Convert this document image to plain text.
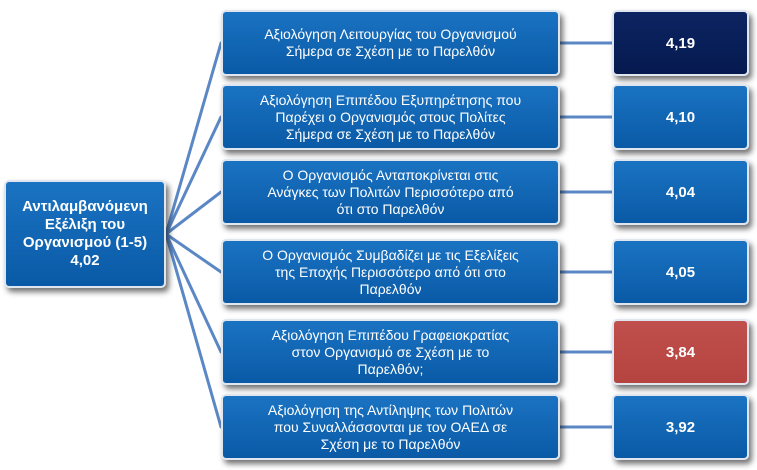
Αντιλαμβανόμενη
Εξέλιξη του
Οργανισμού (1-5)
4,02
Αξιολόγηση Λειτουργίας του Οργανισμού
Σήμερα σε Σχέση με το Παρελθόν	4,19
Αξιολόγηση Επιπέδου Εξυπηρέτησης που
Παρέχει ο Οργανισμός στους Πολίτες
Σήμερα σε Σχέση με το Παρελθόν
4,10
Ο Οργανισμός Ανταποκρίνεται στις
Ανάγκες των Πολιτών Περισσότερο από
ότι στο Παρελθόν
4,04
Ο Οργανισμός Συμβαδίζει με τις Εξελίξεις
της Εποχής Περισσότερο από ότι στο
Παρελθόν
4,05
Αξιολόγηση Επιπέδου Γραφειοκρατίας
στον Οργανισμό σε Σχέση με το
Παρελθόν;
3,84
Αξιολόγηση της Αντίληψης των Πολιτών
που Συναλλάσσονται με τον ΟΑΕΔ σε
Σχέση με το Παρελθόν
3,92
